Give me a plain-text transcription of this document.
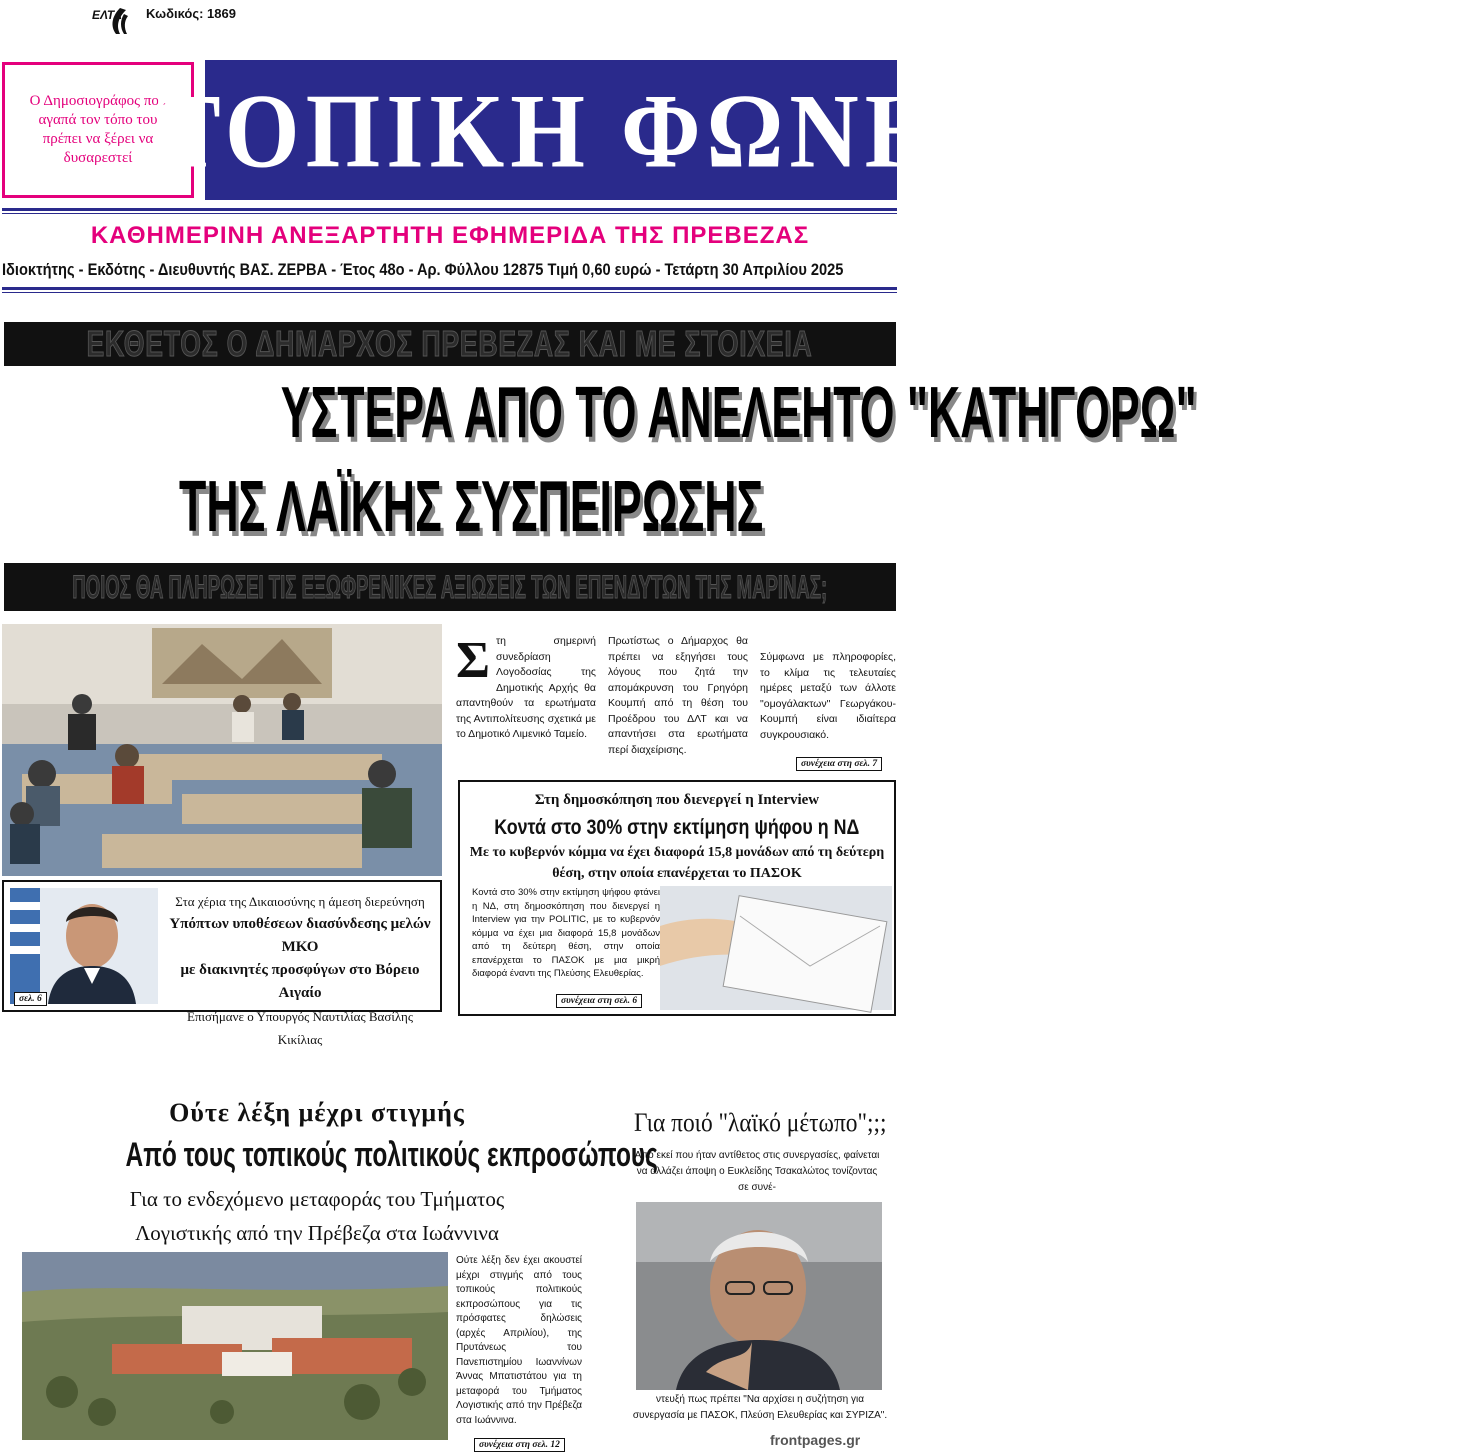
ΕΛΤΑ Κωδικός: 1869
Ο Δημοσιογράφος που αγαπά τον τόπο του πρέπει να ξέρει να δυσαρεστεί ΤΟΠΙΚΗ ΦΩΝΗ
ΚΑΘΗΜΕΡΙΝΗ ΑΝΕΞΑΡΤΗΤΗ ΕΦΗΜΕΡΙΔΑ ΤΗΣ ΠΡΕΒΕΖΑΣ
Ιδιοκτήτης - Εκδότης - Διευθυντής ΒΑΣ. ΖΕΡΒΑ - Έτος 48ο - Αρ. Φύλλου 12875 Τιμή 0,60 ευρώ - Τετάρτη 30 Απριλίου 2025
ΕΚΘΕΤΟΣ Ο ΔΗΜΑΡΧΟΣ ΠΡΕΒΕΖΑΣ ΚΑΙ ΜΕ ΣΤΟΙΧΕΙΑ
ΥΣΤΕΡΑ ΑΠΟ ΤΟ ΑΝΕΛΕΗΤΟ "ΚΑΤΗΓΟΡΩ"
ΤΗΣ ΛΑΪΚΗΣ ΣΥΣΠΕΙΡΩΣΗΣ
ΠΟΙΟΣ ΘΑ ΠΛΗΡΩΣΕΙ ΤΙΣ ΕΞΩΦΡΕΝΙΚΕΣ ΑΞΙΩΣΕΙΣ ΤΩΝ ΕΠΕΝΔΥΤΩΝ ΤΗΣ ΜΑΡΙΝΑΣ;
Στη σημερινή συνεδρίαση Λογοδοσίας της Δημοτικής Αρχής θα απαντηθούν τα ερωτήματα της Αντιπολίτευσης σχετικά με το Δημοτικό Λιμενικό Ταμείο.
Πρωτίστως ο Δήμαρχος θα πρέπει να εξηγήσει τους λόγους που ζητά την απομάκρυνση του Γρηγόρη Κουμπή από τη θέση του Προέδρου του ΔΛΤ και να απαντήσει στα ερωτήματα περί διαχείρισης.
Σύμφωνα με πληροφορίες, το κλίμα τις τελευταίες ημέρες μεταξύ των άλλοτε "ομογάλακτων" Γεωργάκου-Κουμπή είναι ιδιαίτερα συγκρουσιακό.
συνέχεια στη σελ. 7
Στη δημοσκόπηση που διενεργεί η Interview
Κοντά στο 30% στην εκτίμηση ψήφου η ΝΔ
Με το κυβερνόν κόμμα να έχει διαφορά 15,8 μονάδων από τη δεύτερη θέση, στην οποία επανέρχεται το ΠΑΣΟΚ
Κοντά στο 30% στην εκτίμηση ψήφου φτάνει η ΝΔ, στη δημοσκόπηση που διενεργεί η Interview για την POLITIC, με το κυβερνόν κόμμα να έχει μια διαφορά 15,8 μονάδων από τη δεύτερη θέση, στην οποία επανέρχεται το ΠΑΣΟΚ με μια μικρή διαφορά έναντι της Πλεύσης Ελευθερίας.
συνέχεια στη σελ. 6
σελ. 6
Στα χέρια της Δικαιοσύνης η άμεση διερεύνηση
Υπόπτων υποθέσεων διασύνδεσης μελών ΜΚΟ
με διακινητές προσφύγων στο Βόρειο Αιγαίο
Επισήμανε ο Υπουργός Ναυτιλίας Βασίλης Κικίλιας
Ούτε λέξη μέχρι στιγμής
Από τους τοπικούς πολιτικούς εκπροσώπους
Για το ενδεχόμενο μεταφοράς του Τμήματος
Λογιστικής από την Πρέβεζα στα Ιωάννινα
Ούτε λέξη δεν έχει ακουστεί μέχρι στιγμής από τους τοπικούς πολιτικούς εκπροσώπους για τις πρόσφατες δηλώσεις (αρχές Απριλίου), της Πρυτάνεως του Πανεπιστημίου Ιωαννίνων Άννας Μπατιστάτου για τη μεταφορά του Τμήματος Λογιστικής από την Πρέβεζα στα Ιωάννινα.
συνέχεια στη σελ. 12
Για ποιό "λαϊκό μέτωπο";;;
Από εκεί που ήταν αντίθετος στις συνεργασίες, φαίνεται να αλλάζει άποψη ο Ευκλείδης Τσακαλώτος τονίζοντας σε συνέ-
ντευξή πως πρέπει "Να αρχίσει η συζήτηση για συνεργασία με ΠΑΣΟΚ, Πλεύση Ελευθερίας και ΣΥΡΙΖΑ".
frontpages.gr
